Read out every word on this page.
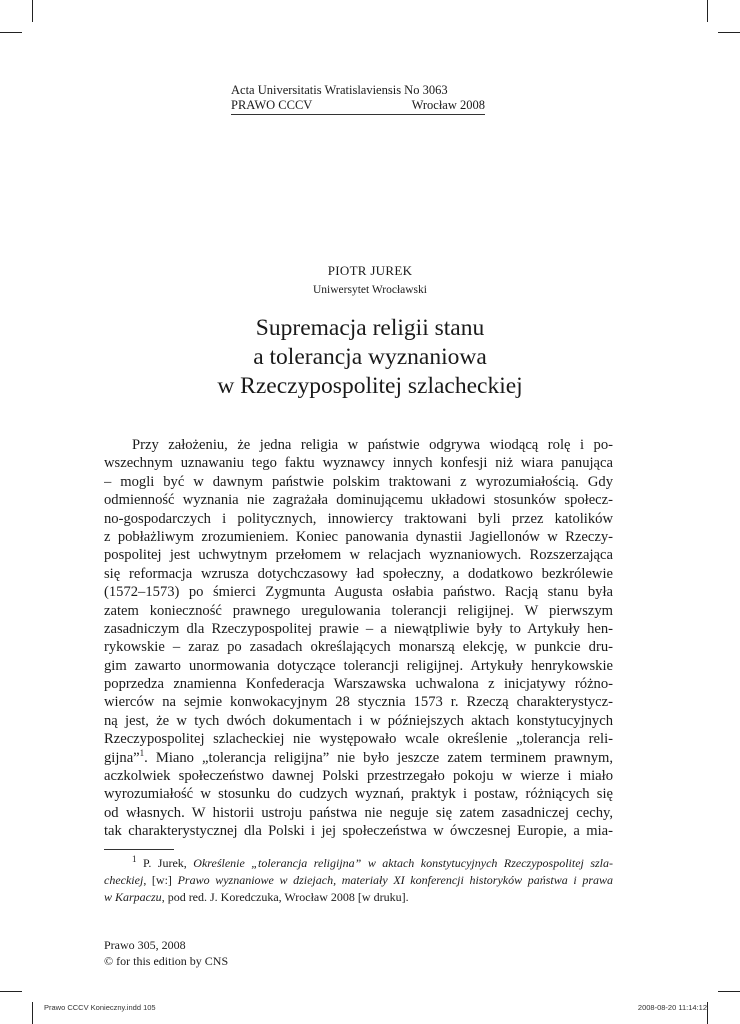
Acta Universitatis Wratislaviensis No 3063
PRAWO CCCV	Wrocław 2008
PIOTR JUREK
Uniwersytet Wrocławski
Supremacja religii stanu
a tolerancja wyznaniowa
w Rzeczypospolitej szlacheckiej
Przy założeniu, że jedna religia w państwie odgrywa wiodącą rolę i po-
wszechnym uznawaniu tego faktu wyznawcy innych konfesji niż wiara panująca
– mogli być w dawnym państwie polskim traktowani z wyrozumiałością. Gdy
odmienność wyznania nie zagrażała dominującemu układowi stosunków społecz-
no-gospodarczych i politycznych, innowiercy traktowani byli przez katolików
z pobłażliwym zrozumieniem. Koniec panowania dynastii Jagiellonów w Rzeczy-
pospolitej jest uchwytnym przełomem w relacjach wyznaniowych. Rozszerzająca
się reformacja wzrusza dotychczasowy ład społeczny, a dodatkowo bezkrólewie
(1572–1573) po śmierci Zygmunta Augusta osłabia państwo. Racją stanu była
zatem konieczność prawnego uregulowania tolerancji religijnej. W pierwszym
zasadniczym dla Rzeczypospolitej prawie – a niewątpliwie były to Artykuły hen-
rykowskie – zaraz po zasadach określających monarszą elekcję, w punkcie dru-
gim zawarto unormowania dotyczące tolerancji religijnej. Artykuły henrykowskie
poprzedza znamienna Konfederacja Warszawska uchwalona z inicjatywy różno-
wierców na sejmie konwokacyjnym 28 stycznia 1573 r. Rzeczą charakterystycz-
ną jest, że w tych dwóch dokumentach i w późniejszych aktach konstytucyjnych
Rzeczypospolitej szlacheckiej nie występowało wcale określenie „tolerancja reli-
gijna”$^1$. Miano „tolerancja religijna” nie było jeszcze zatem terminem prawnym,
aczkolwiek społeczeństwo dawnej Polski przestrzegało pokoju w wierze i miało
wyrozumiałość w stosunku do cudzych wyznań, praktyk i postaw, różniących się
od własnych. W historii ustroju państwa nie neguje się zatem zasadniczej cechy,
tak charakterystycznej dla Polski i jej społeczeństwa w ówczesnej Europie, a mia-
$^1$ P. Jurek, Określenie „tolerancja religijna” w aktach konstytucyjnych Rzeczypospolitej szla-
checkiej, [w:] Prawo wyznaniowe w dziejach, materiały XI konferencji historyków państwa i prawa
w Karpaczu, pod red. J. Koredczuka, Wrocław 2008 [w druku].
Prawo 305, 2008
© for this edition by CNS
Prawo CCCV Konieczny.indd 105	2008-08-20 11:14:12
